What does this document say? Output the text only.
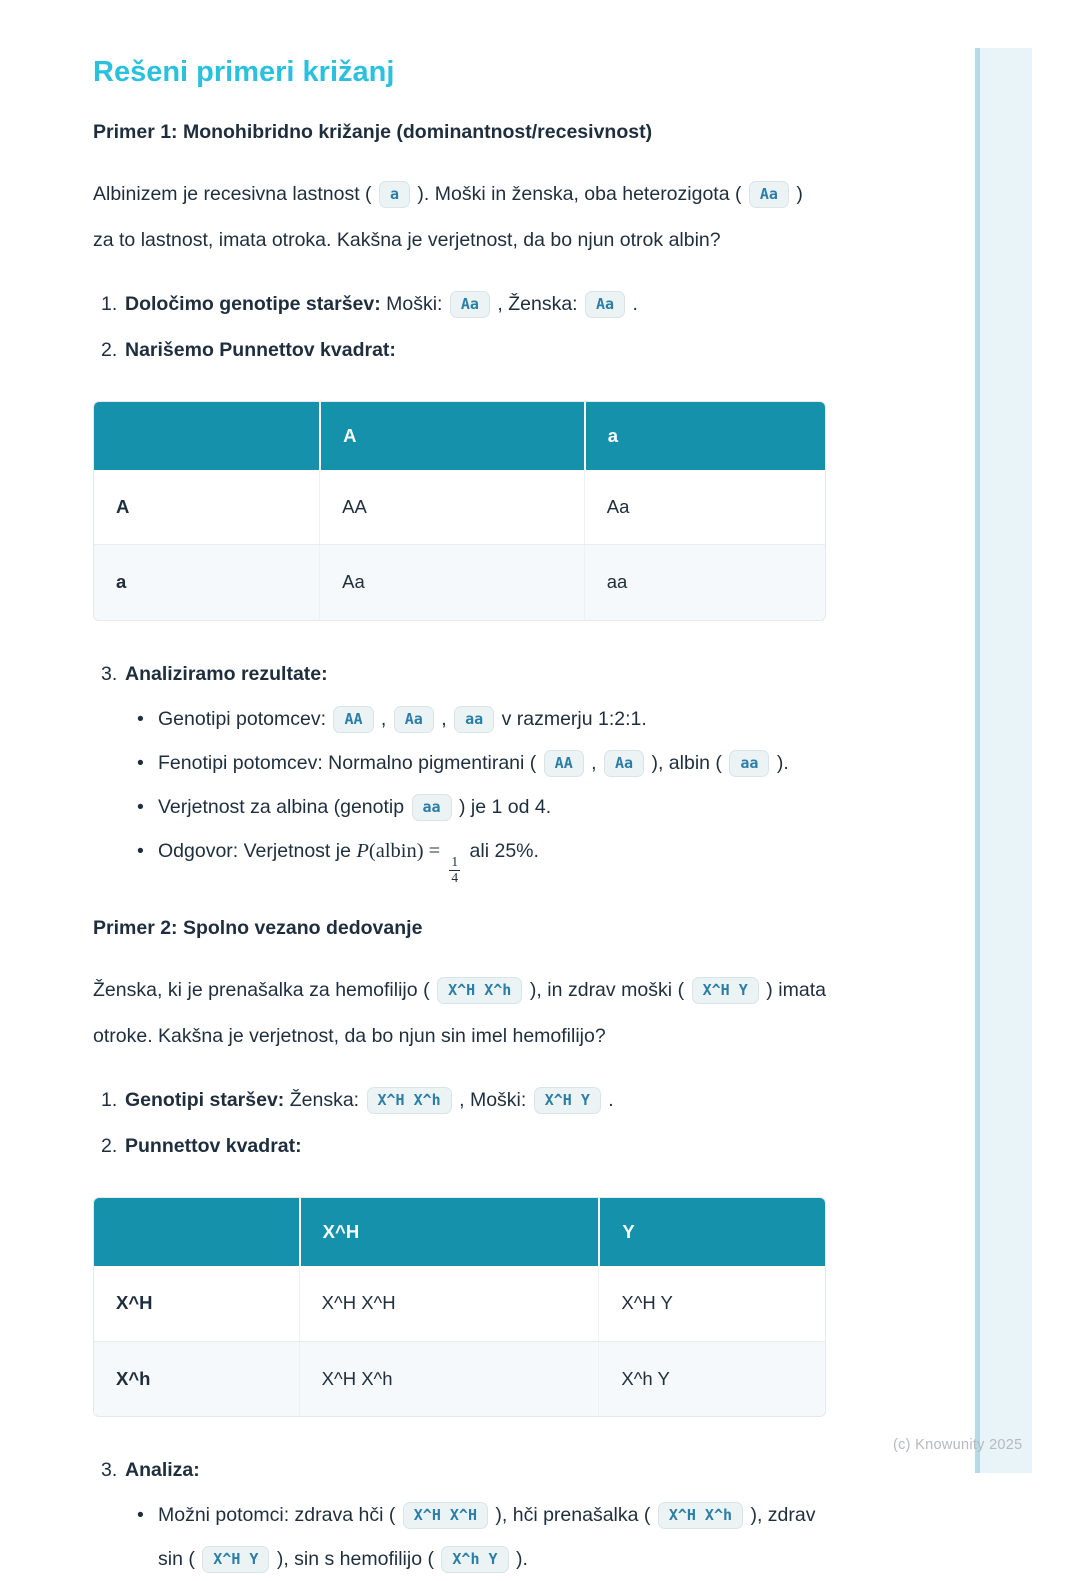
(c) Knowunity 2025
Rešeni primeri križanj
Primer 1: Monohibridno križanje (dominantnost/recesivnost)

Albinizem je recesivna lastnost ( a ). Moški in ženska, oba heterozigota ( Aa ) za to lastnost, imata otroka. Kakšna je verjetnost, da bo njun otrok albin?

1. Določimo genotipe staršev: Moški: Aa , Ženska: Aa .
2. Narišemo Punnettov kvadrat:
	A	a
A	AA	Aa
a	Aa	aa
3. Analiziramo rezultate:
• Genotipi potomcev: AA , Aa , aa v razmerju 1:2:1.
• Fenotipi potomcev: Normalno pigmentirani ( AA , Aa ), albin ( aa ).
• Verjetnost za albina (genotip aa ) je 1 od 4.
• Odgovor: Verjetnost je P(albin) =
$\frac{1}{4}$
ali 25%.
Primer 2: Spolno vezano dedovanje

Ženska, ki je prenašalka za hemofilijo ( X^H X^h ), in zdrav moški ( X^H Y ) imata otroke. Kakšna je verjetnost, da bo njun sin imel hemofilijo?

1. Genotipi staršev: Ženska: X^H X^h , Moški: X^H Y .
2. Punnettov kvadrat:
	X^H	Y
X^H	X^H X^H	X^H Y
X^h	X^H X^h	X^h Y
3. Analiza:
• Možni potomci: zdrava hči ( X^H X^H ), hči prenašalka ( X^H X^h ), zdrav sin ( X^H Y ), sin s hemofilijo ( X^h Y ).
